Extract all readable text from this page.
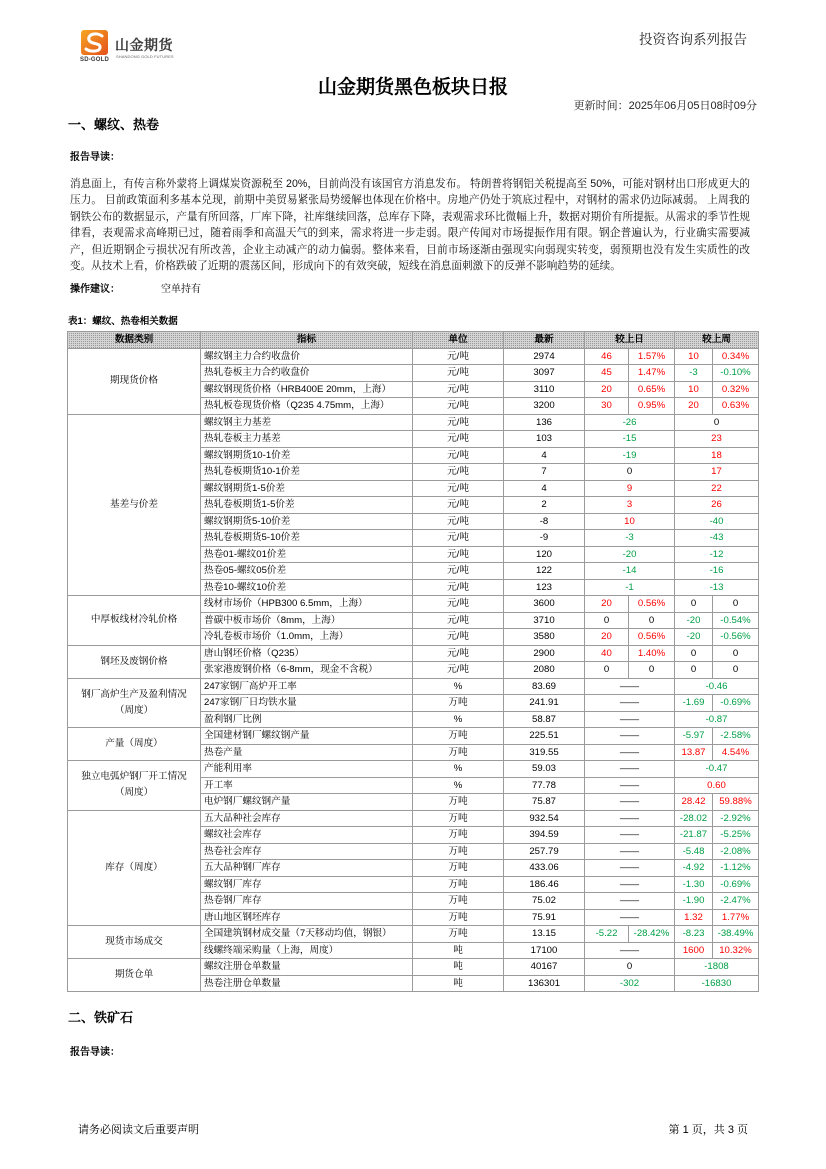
SD-GOLD
山金期货
SHANDONG GOLD FUTURES
投资咨询系列报告
山金期货黑色板块日报
更新时间：2025年06月05日08时09分
一、螺纹、热卷
报告导读：
消息面上，有传言称外蒙将上调煤炭资源税至 20%，目前尚没有该国官方消息发布。 特朗普将钢铝关税提高至 50%，可能对钢材出口形成更大的压力。 目前政策面利多基本兑现，前期中美贸易紧张局势缓解也体现在价格中。房地产仍处于筑底过程中，对钢材的需求仍边际减弱。 上周我的钢铁公布的数据显示，产量有所回落，厂库下降，社库继续回落，总库存下降，表观需求环比微幅上升，数据对期价有所提振。从需求的季节性规律看，表观需求高峰期已过，随着雨季和高温天气的到来，需求将进一步走弱。限产传闻对市场提振作用有限。钢企普遍认为，行业确实需要减产，但近期钢企亏损状况有所改善，企业主动减产的动力偏弱。整体来看，目前市场逐渐由强现实向弱现实转变，弱预期也没有发生实质性的改变。从技术上看，价格跌破了近期的震荡区间，形成向下的有效突破，短线在消息面刺激下的反弹不影响趋势的延续。
操作建议：	空单持有
表1：螺纹、热卷相关数据
数据类别	指标	单位	最新	较上日		较上周	

期现货价格	螺纹钢主力合约收盘价	元/吨	2974	46	1.57%	10	0.34%
	热轧卷板主力合约收盘价	元/吨	3097	45	1.47%	-3	-0.10%
	螺纹钢现货价格（HRB400E 20mm，上海）	元/吨	3110	20	0.65%	10	0.32%
	热轧板卷现货价格（Q235 4.75mm，上海）	元/吨	3200	30	0.95%	20	0.63%

基差与价差	螺纹钢主力基差	元/吨	136	-26		0	
	热轧卷板主力基差	元/吨	103	-15		23	
	螺纹钢期货10-1价差	元/吨	4	-19		18	
	热轧卷板期货10-1价差	元/吨	7	0		17	
	螺纹钢期货1-5价差	元/吨	4	9		22	
	热轧卷板期货1-5价差	元/吨	2	3		26	
	螺纹钢期货5-10价差	元/吨	-8	10		-40	
	热轧卷板期货5-10价差	元/吨	-9	-3		-43	
	热卷01-螺纹01价差	元/吨	120	-20		-12	
	热卷05-螺纹05价差	元/吨	122	-14		-16	
	热卷10-螺纹10价差	元/吨	123	-1		-13	

中厚板线材冷轧价格	线材市场价（HPB300 6.5mm，上海）	元/吨	3600	20	0.56%	0	0
	普碳中板市场价（8mm，上海）	元/吨	3710	0	0	-20	-0.54%
	冷轧卷板市场价（1.0mm，上海）	元/吨	3580	20	0.56%	-20	-0.56%

钢坯及废钢价格	唐山钢坯价格（Q235）	元/吨	2900	40	1.40%	0	0
	张家港废钢价格（6-8mm，现金不含税）	元/吨	2080	0	0	0	0

钢厂高炉生产及盈利情况
（周度）	247家钢厂高炉开工率	%	83.69	——		-0.46	
	247家钢厂日均铁水量	万吨	241.91	——		-1.69	-0.69%
	盈利钢厂比例	%	58.87	——		-0.87	

产量（周度）	全国建材钢厂螺纹钢产量	万吨	225.51	——		-5.97	-2.58%
	热卷产量	万吨	319.55	——		13.87	4.54%

独立电弧炉钢厂开工情况
（周度）	产能利用率	%	59.03	——		-0.47	
	开工率	%	77.78	——		0.60	
	电炉钢厂螺纹钢产量	万吨	75.87	——		28.42	59.88%

库存（周度）	五大品种社会库存	万吨	932.54	——		-28.02	-2.92%
	螺纹社会库存	万吨	394.59	——		-21.87	-5.25%
	热卷社会库存	万吨	257.79	——		-5.48	-2.08%
	五大品种钢厂库存	万吨	433.06	——		-4.92	-1.12%
	螺纹钢厂库存	万吨	186.46	——		-1.30	-0.69%
	热卷钢厂库存	万吨	75.02	——		-1.90	-2.47%
	唐山地区钢坯库存	万吨	75.91	——		1.32	1.77%

现货市场成交	全国建筑钢材成交量（7天移动均值，钢银）	万吨	13.15	-5.22	-28.42%	-8.23	-38.49%
	线螺终端采购量（上海，周度）	吨	17100	——		1600	10.32%

期货仓单	螺纹注册仓单数量	吨	40167	0		-1808	
	热卷注册仓单数量	吨	136301	-302		-16830	
二、铁矿石
报告导读：
请务必阅读文后重要声明	第 1 页，共 3 页
